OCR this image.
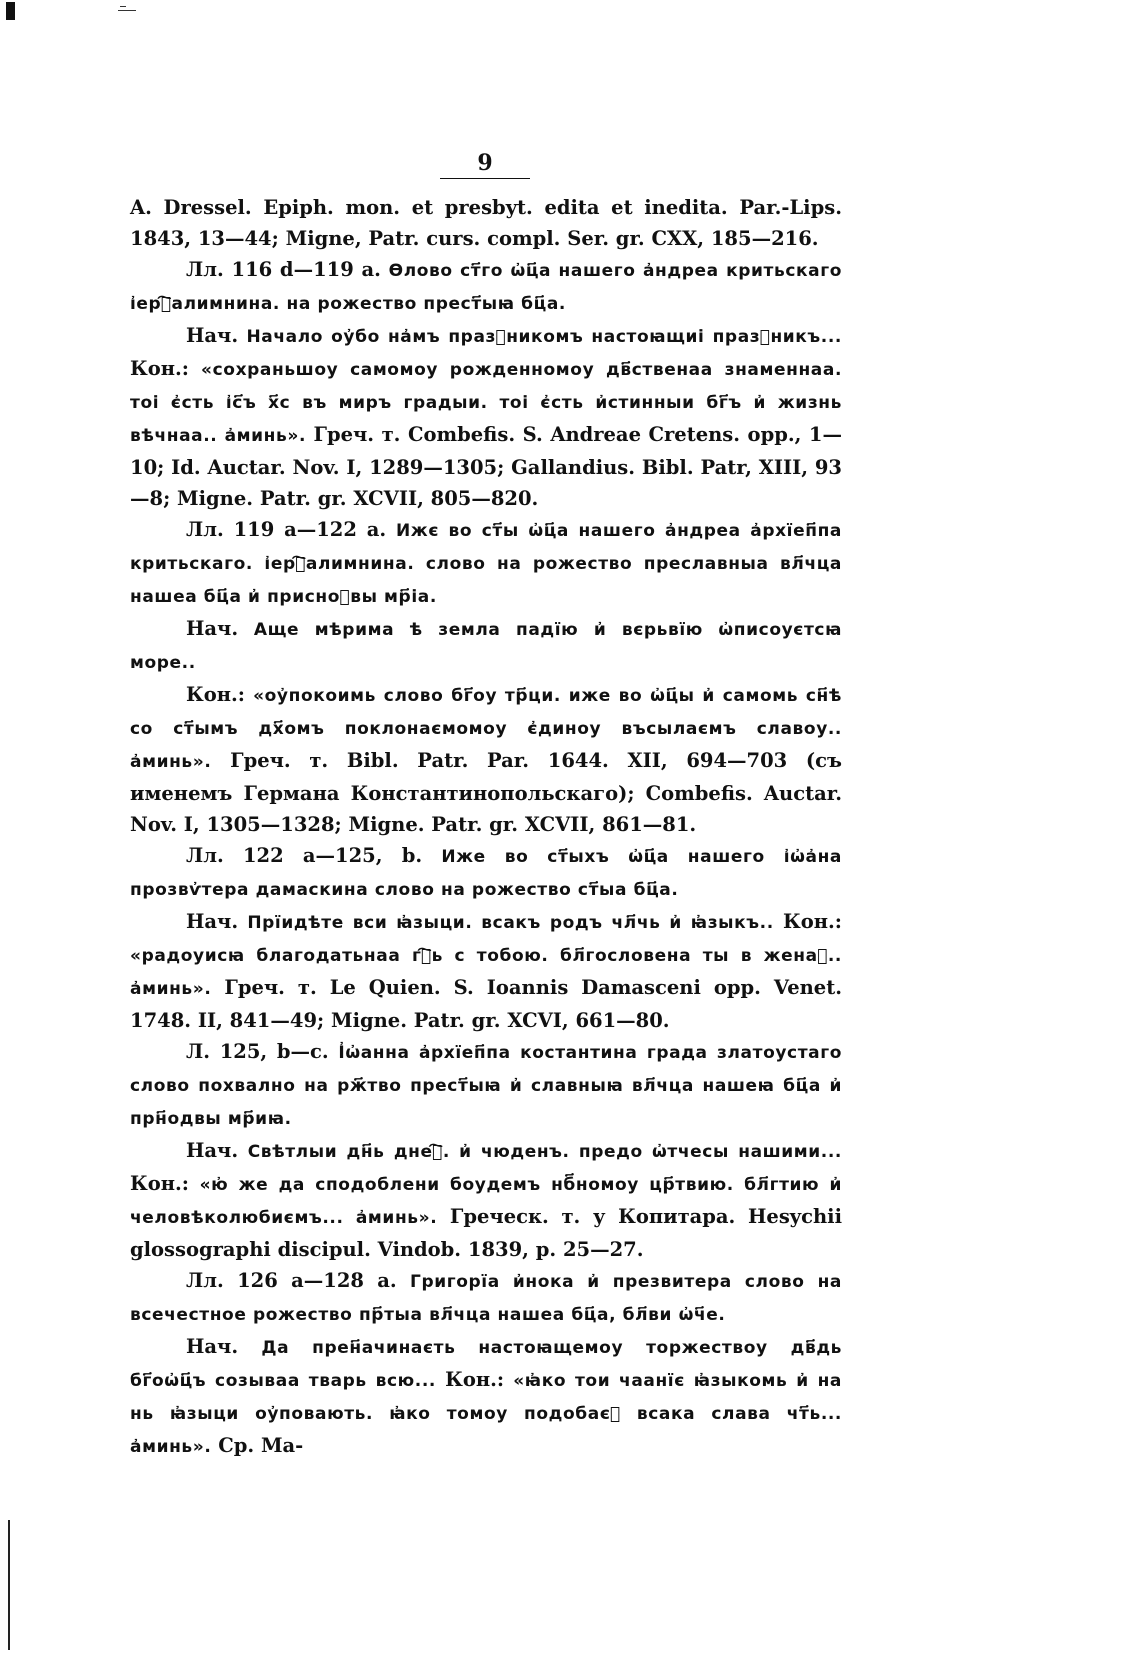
9

A. Dressel. Epiph. mon. et presbyt. edita et inedita. Par.-Lips. 1843, 13—44; Migne, Patr. curs. compl. Ser. gr. CXX, 185—216.

Лл. 116 d—119 a. Ѳлово ст҃го ѡ҆ц҃а нашего а҆ндреа критьскаго і҆ерⷭ҇алимнина. на рожество прест҃ыꙗ бц҃а.

Нач. Начало оу҆бо на҆мъ празⷣникомъ настоꙗщиі празⷣникъ... Кон.: «сохраньшоу самомоу рожденномоу дв҃ственаа знаменнаа. тоі є҆сть і҆с҃ъ х҃с въ миръ градыи. тоі є҆сть и҆стинныи бг҃ъ и҆ жизнь вѣчнаа.. а҆минь». Греч. т. Combefis. S. Andreae Cretens. opp., 1—10; Id. Auctar. Nov. I, 1289—1305; Gallandius. Bibl. Patr, XIII, 93—8; Migne. Patr. gr. XCVII, 805—820.

Лл. 119 a—122 a. Ижє во ст҃ы ѡ҆ц҃а нашего а҆ндреа а҆рхїеп҃па критьскаго. і҆ерⷭ҇алимнина. слово на рожество преславныа вл҃чца нашеа бц҃а и҆ присноⷣвы мр҃іа.

Нач. Аще мѣрима ѣ земла падїю и҆ вєрьвїю ѡ҆писоуєтсꙗ море..

Кон.: «оу҆покоимь слово бг҃оу тр҃ци. иже во ѡ҆ц҃ы и҆ самомь сн҃ѣ со ст҃ымъ дх҃омъ поклонаємомоу є҆диноу въсылаємъ славоу.. а҆минь». Греч. т. Bibl. Patr. Par. 1644. XII, 694—703 (съ именемъ Германа Константинопольскаго); Combefis. Auctar. Nov. I, 1305—1328; Migne. Patr. gr. XCVII, 861—81.

Лл. 122 a—125, b. Иже во ст҃ыхъ ѡ҆ц҃а нашего і҆ѡ҆а҆на прозвѵ҆тера дамаскина слово на рожество ст҃ыа бц҃а.

Нач. Прїидѣте вси ꙗ҆зыци. всакъ родъ чл҃чь и҆ ꙗ҆зыкъ.. Кон.: «радоуисꙗ благодатьнаа гⷭ҇ь с тобою. бл҃гословена ты в женаⷯ.. а҆минь». Греч. т. Le Quien. S. Ioannis Damasceni opp. Venet. 1748. II, 841—49; Migne. Patr. gr. XCVI, 661—80.

Л. 125, b—c. І҆ѡ҆анна а҆рхїеп҃па костантина града златоустаго слово похвално на рж҃тво прест҃ыꙗ и҆ славныꙗ вл҃чца нашеꙗ бц҃а и҆ прн҃одвы мр҃иꙗ.

Нач. Свѣтлыи дн҃ь днеⷭ҇. и҆ чюденъ. предо ѡ҆тчесы нашими... Кон.: «ю҆ же да сподоблени боудемъ нб҃номоу цр҃твию. бл҃гтию и҆ человѣколюбиємъ... а҆минь». Греческ. т. у Копитара. Hesychii glossographi discipul. Vindob. 1839, p. 25—27.

Лл. 126 a—128 a. Григорїа и҆нока и҆ презвитера слово на всечестное рожество пр҃тыа вл҃чца нашеа бц҃а, бл҃ви ѡ҆ч҃е.

Нач. Да прен҃ачинаєть настоꙗщемоу торжествоу дв҃дь бг҃оѡ҆ц҃ъ созываа тварь всю... Кон.: «ꙗ҆ко тои чаанїє ꙗ҆зыкомь и҆ на нь ꙗ҆зыци оу҆повають. ꙗ҆ко томоу подобаєⷮ всака слава чт҃ь... а҆минь». Ср. Ма-
